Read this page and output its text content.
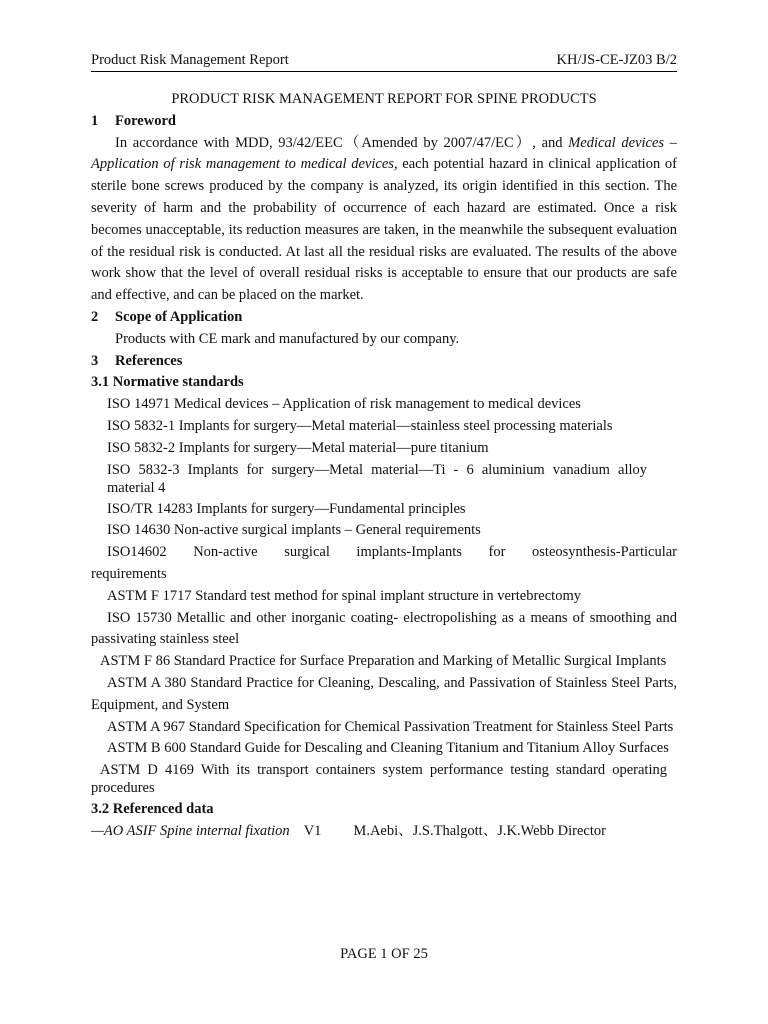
Product Risk Management Report	KH/JS-CE-JZ03 B/2

PRODUCT RISK MANAGEMENT REPORT FOR SPINE PRODUCTS

1 Foreword

In accordance with MDD, 93/42/EEC（Amended by 2007/47/EC）, and Medical devices – Application of risk management to medical devices, each potential hazard in clinical application of sterile bone screws produced by the company is analyzed, its origin identified in this section. The severity of harm and the probability of occurrence of each hazard are estimated. Once a risk becomes unacceptable, its reduction measures are taken, in the meanwhile the subsequent evaluation of the residual risk is conducted. At last all the residual risks are evaluated. The results of the above work show that the level of overall residual risks is acceptable to ensure that our products are safe and effective, and can be placed on the market.

2 Scope of Application

Products with CE mark and manufactured by our company.

3 References

3.1 Normative standards

ISO 14971 Medical devices – Application of risk management to medical devices

ISO 5832-1 Implants for surgery—Metal material—stainless steel processing materials

ISO 5832-2 Implants for surgery—Metal material—pure titanium

ISO 5832-3 Implants for surgery—Metal material—Ti - 6 aluminium vanadium alloy material 4

ISO/TR 14283 Implants for surgery—Fundamental principles

ISO 14630 Non-active surgical implants – General requirements

ISO14602 Non-active surgical implants-Implants for osteosynthesis-Particular requirements

ASTM F 1717 Standard test method for spinal implant structure in vertebrectomy

ISO 15730 Metallic and other inorganic coating- electropolishing as a means of smoothing and passivating stainless steel

ASTM F 86 Standard Practice for Surface Preparation and Marking of Metallic Surgical Implants

ASTM A 380 Standard Practice for Cleaning, Descaling, and Passivation of Stainless Steel Parts, Equipment, and System

ASTM A 967 Standard Specification for Chemical Passivation Treatment for Stainless Steel Parts

ASTM B 600 Standard Guide for Descaling and Cleaning Titanium and Titanium Alloy Surfaces

ASTM D 4169 With its transport containers system performance testing standard operating procedures

3.2 Referenced data

—AO ASIF Spine internal fixation V1 M.Aebi、J.S.Thalgott、J.K.Webb Director

PAGE 1 OF 25
